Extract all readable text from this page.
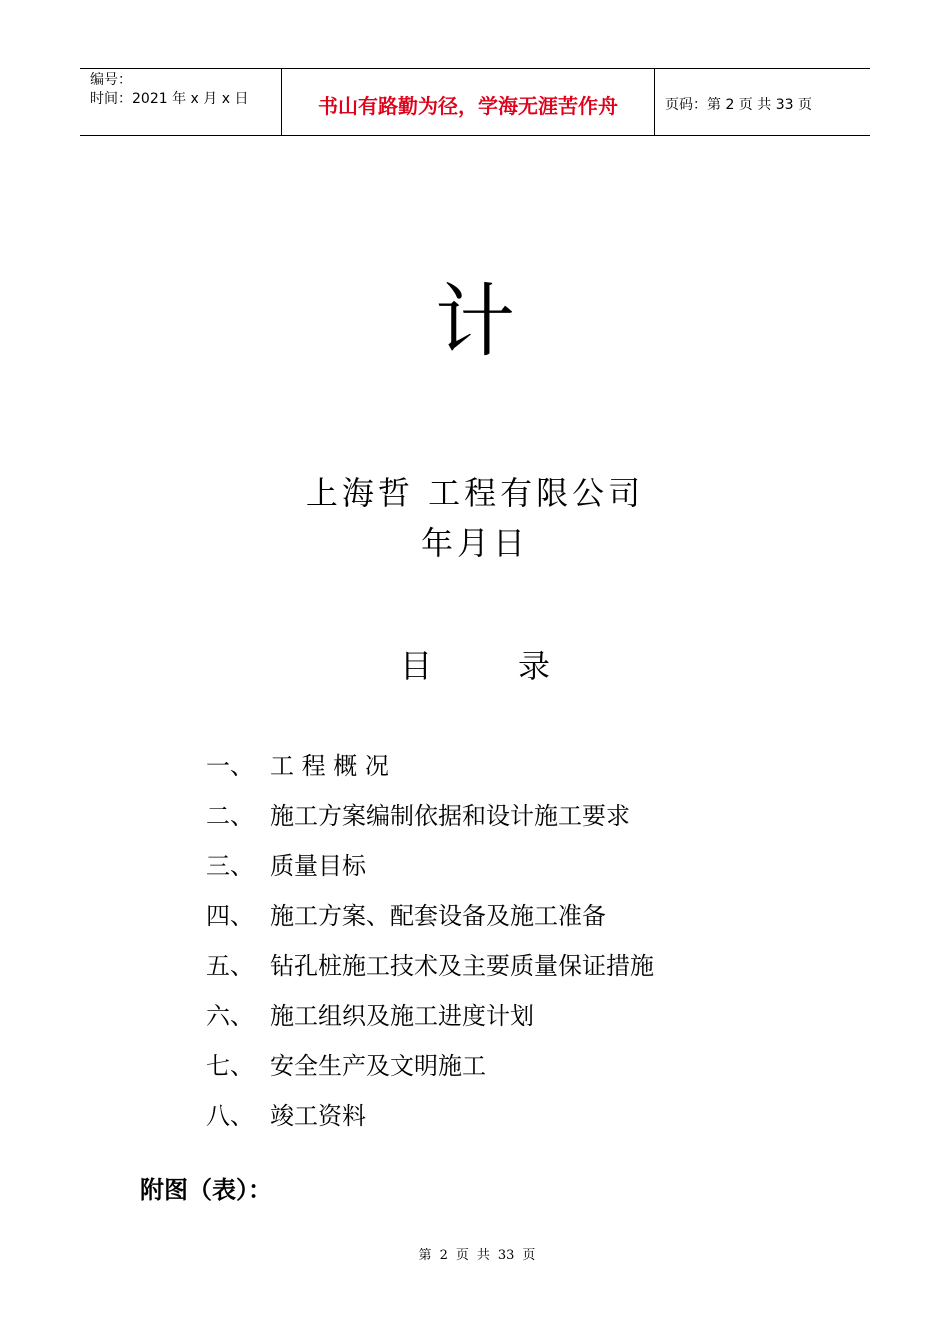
编号：
时间：2021 年 x 月 x 日	书山有路勤为径，学海无涯苦作舟	页码：第 2 页 共 33 页
计
上海哲 工程有限公司
年月日
目	录
一、 工 程 概 况
二、 施工方案编制依据和设计施工要求
三、 质量目标
四、 施工方案、配套设备及施工准备
五、 钻孔桩施工技术及主要质量保证措施
六、 施工组织及施工进度计划
七、 安全生产及文明施工
八、 竣工资料
附图（表）：
第 2 页 共 33 页
